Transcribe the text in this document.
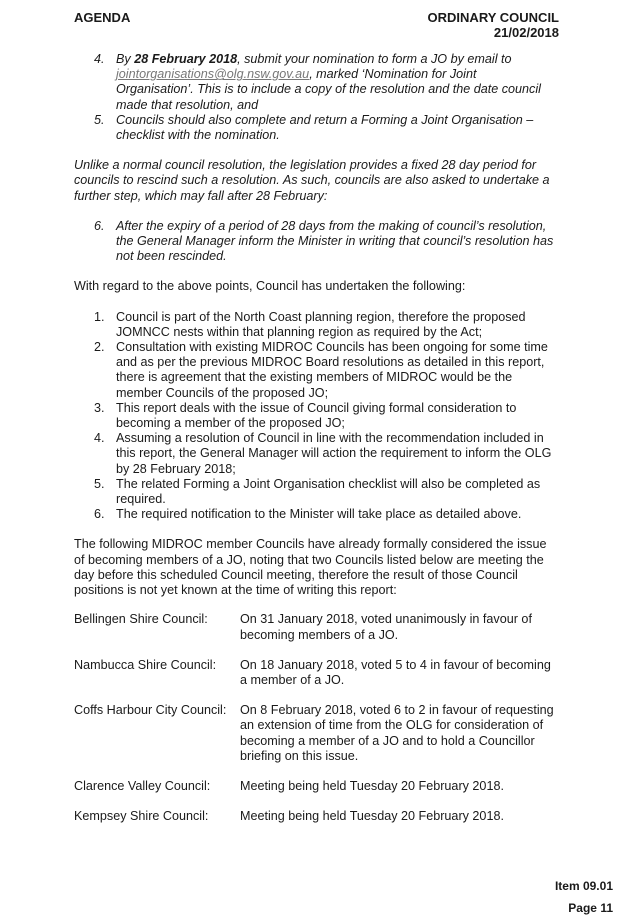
AGENDA	ORDINARY COUNCIL
21/02/2018
4. By 28 February 2018, submit your nomination to form a JO by email to jointorganisations@olg.nsw.gov.au, marked ‘Nomination for Joint Organisation’. This is to include a copy of the resolution and the date council made that resolution, and
5. Councils should also complete and return a Forming a Joint Organisation – checklist with the nomination.

Unlike a normal council resolution, the legislation provides a fixed 28 day period for councils to rescind such a resolution. As such, councils are also asked to undertake a further step, which may fall after 28 February:

6. After the expiry of a period of 28 days from the making of council’s resolution, the General Manager inform the Minister in writing that council’s resolution has not been rescinded.

With regard to the above points, Council has undertaken the following:

1. Council is part of the North Coast planning region, therefore the proposed JOMNCC nests within that planning region as required by the Act;
2. Consultation with existing MIDROC Councils has been ongoing for some time and as per the previous MIDROC Board resolutions as detailed in this report, there is agreement that the existing members of MIDROC would be the member Councils of the proposed JO;
3. This report deals with the issue of Council giving formal consideration to becoming a member of the proposed JO;
4. Assuming a resolution of Council in line with the recommendation included in this report, the General Manager will action the requirement to inform the OLG by 28 February 2018;
5. The related Forming a Joint Organisation checklist will also be completed as required.
6. The required notification to the Minister will take place as detailed above.

The following MIDROC member Councils have already formally considered the issue of becoming members of a JO, noting that two Councils listed below are meeting the day before this scheduled Council meeting, therefore the result of those Council positions is not yet known at the time of writing this report:

Bellingen Shire Council:	On 31 January 2018, voted unanimously in favour of becoming members of a JO.
Nambucca Shire Council:	On 18 January 2018, voted 5 to 4 in favour of becoming a member of a JO.
Coffs Harbour City Council:	On 8 February 2018, voted 6 to 2 in favour of requesting an extension of time from the OLG for consideration of becoming a member of a JO and to hold a Councillor briefing on this issue.
Clarence Valley Council:	Meeting being held Tuesday 20 February 2018.
Kempsey Shire Council:	Meeting being held Tuesday 20 February 2018.
Item 09.01
Page 11
